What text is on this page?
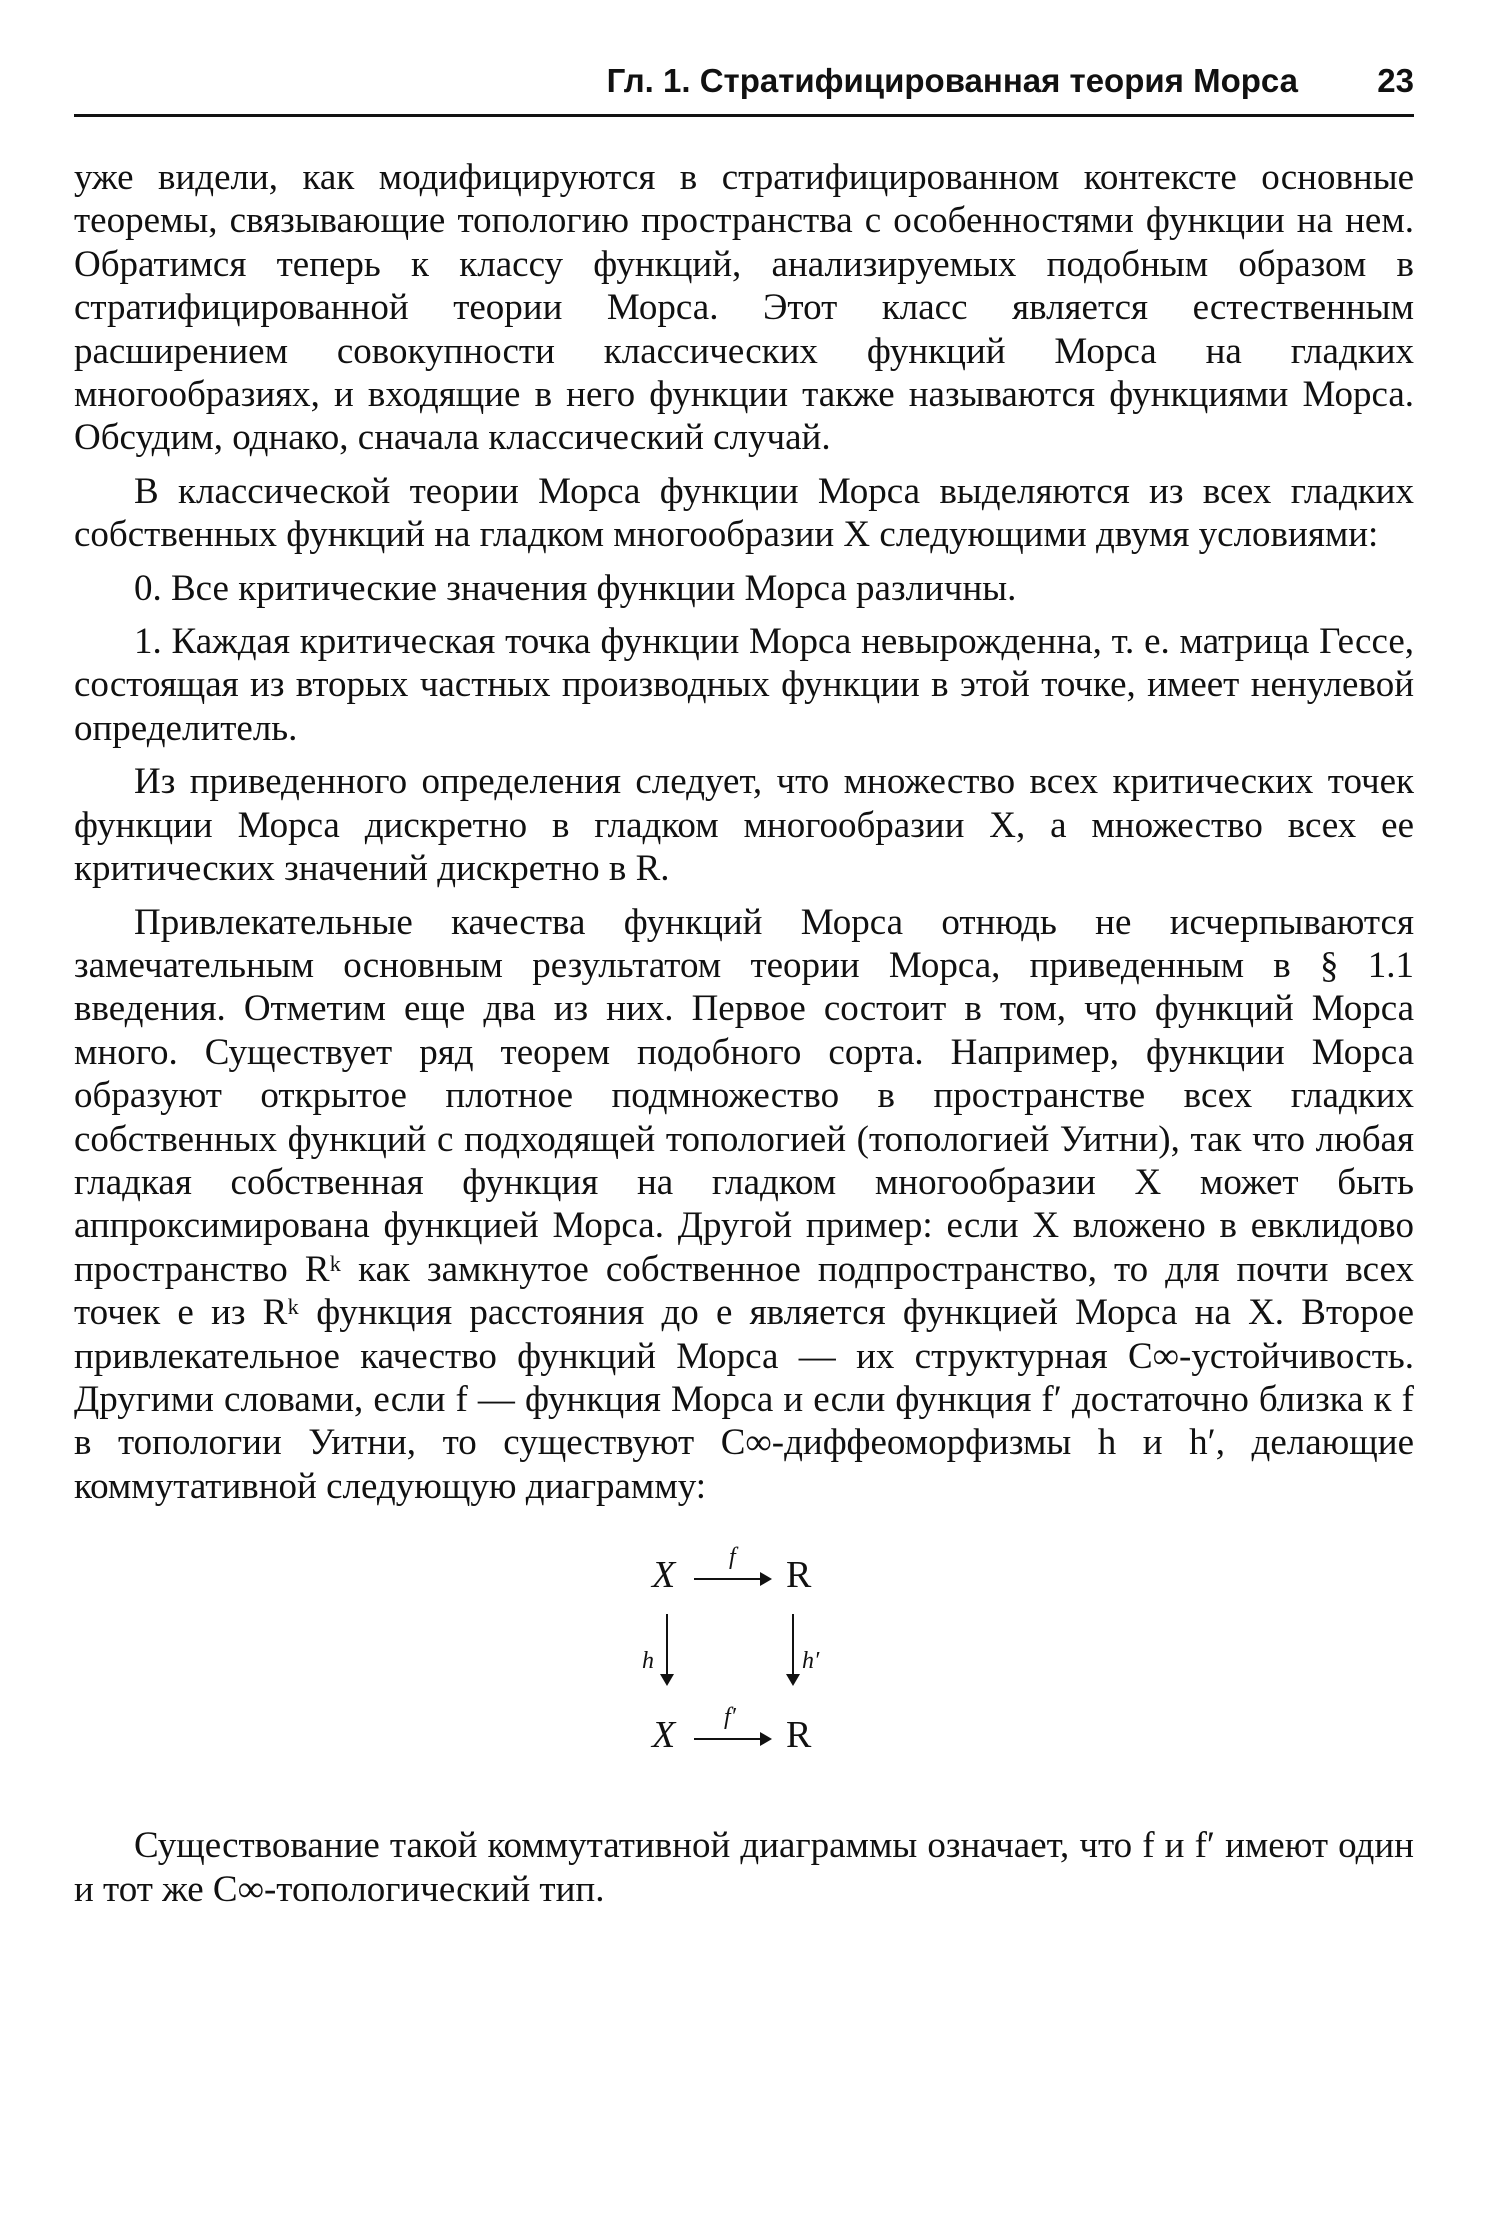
Гл. 1. Стратифицированная теория Морса 23

уже видели, как модифицируются в стратифицированном контексте основные теоремы, связывающие топологию пространства с особенностями функции на нем. Обратимся теперь к классу функций, анализируемых подобным образом в стратифицированной теории Морса. Этот класс является естественным расширением совокупности классических функций Морса на гладких многообразиях, и входящие в него функции также называются функциями Морса. Обсудим, однако, сначала классический случай.

В классической теории Морса функции Морса выделяются из всех гладких собственных функций на гладком многообразии X следующими двумя условиями:

0. Все критические значения функции Морса различны.

1. Каждая критическая точка функции Морса невырожденна, т. е. матрица Гессе, состоящая из вторых частных производных функции в этой точке, имеет ненулевой определитель.

Из приведенного определения следует, что множество всех критических точек функции Морса дискретно в гладком многообразии X, а множество всех ее критических значений дискретно в R.

Привлекательные качества функций Морса отнюдь не исчерпываются замечательным основным результатом теории Морса, приведенным в § 1.1 введения. Отметим еще два из них. Первое состоит в том, что функций Морса много. Существует ряд теорем подобного сорта. Например, функции Морса образуют открытое плотное подмножество в пространстве всех гладких собственных функций с подходящей топологией (топологией Уитни), так что любая гладкая собственная функция на гладком многообразии X может быть аппроксимирована функцией Морса. Другой пример: если X вложено в евклидово пространство Rᵏ как замкнутое собственное подпространство, то для почти всех точек e из Rᵏ функция расстояния до e является функцией Морса на X. Второе привлекательное качество функций Морса — их структурная C∞-устойчивость. Другими словами, если f — функция Морса и если функция f′ достаточно близка к f в топологии Уитни, то существуют C∞-диффеоморфизмы h и h′, делающие коммутативной следующую диаграмму:

X f R
h	h′
X f′ R

Существование такой коммутативной диаграммы означает, что f и f′ имеют один и тот же C∞-топологический тип.
